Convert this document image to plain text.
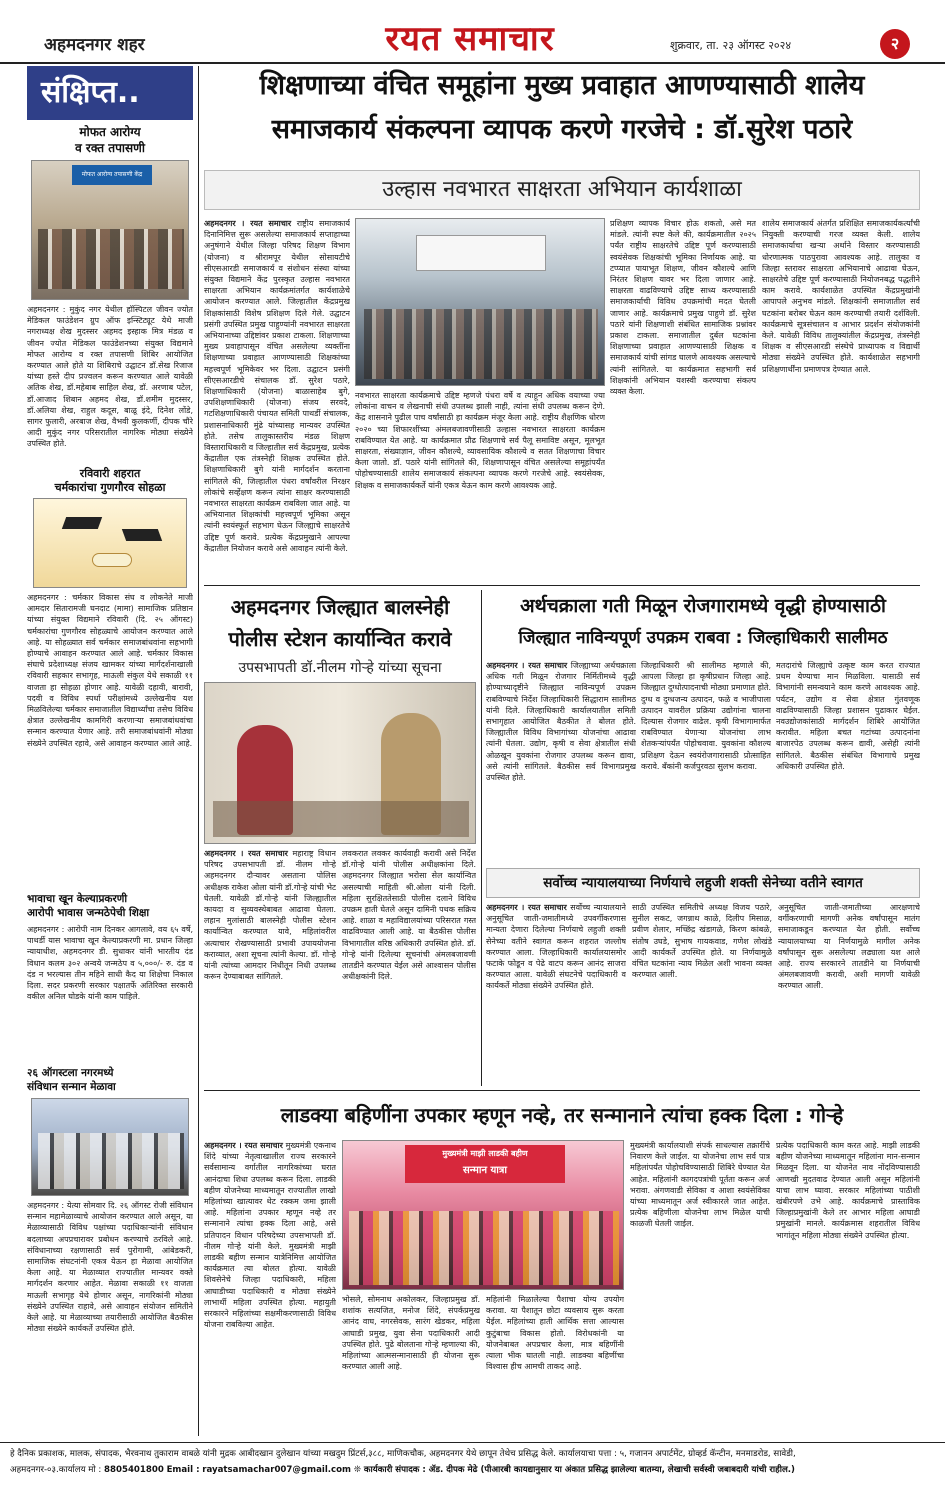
अहमदनगर शहर	रयत समाचार	शुक्रवार, ता. २३ ऑगस्ट २०२४	२
संक्षिप्त..
मोफत आरोग्य
व रक्त तपासणी
मोफत आरोग्य तपासणी केंद्र
अहमदनगर : मुकुंद नगर येथील हॉस्पिटल जीवन ज्योत मेडिकल फाउंडेशन ग्रुप ऑफ इन्स्टिट्यूट येथे माजी नगराध्यक्ष शेख मुदस्सर अहमद इस्हाक मित्र मंडळ व जीवन ज्योत मेडिकल फाउंडेशनच्या संयुक्त विद्यमाने मोफत आरोग्य व रक्त तपासणी शिबिर आयोजित करण्यात आले होते या शिबिराचे उद्घाटन डॉ.सेख रिजाज यांच्या हस्ते दीप प्रज्वलन करून करण्यात आले यावेळी अतिक शेख, डॉ.महेबाब साहिल शेख, डॉ. अरणाब पटेल, डॉ.आजाद शिबान अहमद शेख, डॉ.शमीम मुदस्सर, डॉ.अलिया शेख, राहुल कदूस, बाळू इंदे, दिनेश लोंडे, सागर फुलारी, अरबाज शेख, वैभवी कुलकर्णी, दीपक चौरे आदी मुकुंद नगर परिसरातील नागरिक मोठ्या संख्येने उपस्थित होते.
रविवारी शहरात
चर्मकारांचा गुणगौरव सोहळा
अहमदनगर : चर्मकार विकास संघ व लोकनेते माजी आमदार सितारामजी घनदाट (मामा) सामाजिक प्रतिष्ठान यांच्या संयुक्त विद्यमाने रविवारी (दि. २५ ऑगस्ट) चर्मकारांचा गुणगौरव सोहळ्याचे आयोजन करण्यात आले आहे. या सोहळ्यात सर्व चर्मकार समाजबांधवांना सहभागी होण्याचे आवाहन करण्यात आले आहे. चर्मकार विकास संघाचे प्रदेशाध्यक्ष संजय खामकर यांच्या मार्गदर्शनाखाली रविवारी सहकार सभागृह, माऊली संकुल येथे सकाळी ११ वाजता हा सोहळा होणार आहे. यावेळी दहावी, बारावी, पदवी व विविध स्पर्धा परीक्षांमध्ये उल्लेखनीय यश मिळविलेल्या चर्मकार समाजातील विद्यार्थ्यांचा तसेच विविध क्षेत्रात उल्लेखनीय कामगिरी करणाऱ्या समाजबांधवांचा सन्मान करण्यात येणार आहे. तरी समाजबांधवांनी मोठ्या संख्येने उपस्थित रहावे, असे आवाहन करण्यात आले आहे.
भावाचा खून केल्याप्रकरणी
आरोपी भावास जन्मठेपेची शिक्षा
अहमदनगर : आरोपी नाम दिनकर आगलावे, वय ६५ वर्षे, पाथर्डी यास भावाचा खून केल्याप्रकरणी मा. प्रधान जिल्हा न्यायाधीश, अहमदनगर डी. सुधाकर यांनी भारतीय दंड विधान कलम ३०२ अन्वये जन्मठेप व ५,०००/- रु. दंड व दंड न भरल्यास तीन महिने साधी कैद या शिक्षेचा निकाल दिला. सदर प्रकरणी सरकार पक्षातर्फे अतिरिक्त सरकारी वकील अनिल घोडके यांनी काम पाहिले.
२६ ऑगस्टला नगरमध्ये
संविधान सन्मान मेळावा
अहमदनगर : येत्या सोमवार दि. २६ ऑगस्ट रोजी संविधान सन्मान महामेळाव्याचे आयोजन करण्यात आले असून, या मेळाव्यासाठी विविध पक्षांच्या पदाधिकाऱ्यांनी संविधान बदलाच्या अपप्रचारावर प्रबोधन करण्याचे ठरविले आहे. संविधानाच्या रक्षणासाठी सर्व पुरोगामी, आंबेडकरी, सामाजिक संघटनांनी एकत्र येऊन हा मेळावा आयोजित केला आहे. या मेळाव्यात राज्यातील मान्यवर वक्ते मार्गदर्शन करणार आहेत. मेळावा सकाळी ११ वाजता माऊली सभागृह येथे होणार असून, नागरिकांनी मोठ्या संख्येने उपस्थित राहावे, असे आवाहन संयोजन समितीने केले आहे. या मेळाव्याच्या तयारीसाठी आयोजित बैठकीस मोठ्या संख्येने कार्यकर्ते उपस्थित होते.
शिक्षणाच्या वंचित समूहांना मुख्य प्रवाहात आणण्यासाठी शालेय
समाजकार्य संकल्पना व्यापक करणे गरजेचे : डॉ.सुरेश पठारे
उल्हास नवभारत साक्षरता अभियान कार्यशाळा
अहमदनगर । रयत समाचार राष्ट्रीय समाजकार्य दिनानिमित्त सुरू असलेल्या समाजकार्य सप्ताहाच्या अनुषंगाने येथील जिल्हा परिषद शिक्षण विभाग (योजना) व श्रीरामपूर येथील सोसायटीचे सीएसआरडी समाजकार्य व संशोधन संस्था यांच्या संयुक्त विद्यमाने केंद्र पुरस्कृत उल्हास नवभारत साक्षरता अभियान कार्यक्रमांतर्गत कार्यशाळेचे आयोजन करण्यात आले. जिल्हातील केंद्रप्रमुख शिक्षकांसाठी विशेष प्रशिक्षण दिले गेले. उद्घाटन प्रसंगी उपस्थित प्रमुख पाहुण्यांनी नवभारत साक्षरता अभियानाच्या उद्दिष्टांवर प्रकाश टाकला. शिक्षणाच्या मुख्य प्रवाहापासून वंचित असलेल्या व्यक्तींना शिक्षणाच्या प्रवाहात आणण्यासाठी शिक्षकांच्या महत्त्वपूर्ण भूमिकेवर भर दिला. उद्घाटन प्रसंगी सीएसआरडीचे संचालक डॉ. सुरेश पठारे, शिक्षणाधिकारी (योजना) बाळासाहेब बुगे, उपशिक्षणाधिकारी (योजना) संजय सरवदे, गटशिक्षणाधिकारी पंचायत समिती पाथर्डी संचालक, प्रशासनाधिकारी मुंढे यांच्यासह मान्यवर उपस्थित होते. तसेच तालुकास्तरीय मंडळ शिक्षण विस्ताराधिकारी व जिल्हातील सर्व केंद्रप्रमुख, प्रत्येक केंद्रातील एक तंत्रस्नेही शिक्षक उपस्थित होते. शिक्षणाधिकारी बुगे यांनी मार्गदर्शन करताना सांगितले की, जिल्हातील पंधरा वर्षांवरील निरक्षर लोकांचे सर्व्हेक्षण करून त्यांना साक्षर करण्यासाठी नवभारत साक्षरता कार्यक्रम राबविला जात आहे. या अभियानात शिक्षकांची महत्त्वपूर्ण भूमिका असून त्यांनी स्वयंस्फूर्त सहभाग घेऊन जिल्ह्याचे साक्षरतेचे उद्दिष्ट पूर्ण करावे. प्रत्येक केंद्रप्रमुखाने आपल्या केंद्रातील नियोजन करावे असे आवाहन त्यांनी केले.
नवभारत साक्षरता कार्यक्रमाचे उद्दिष्ट म्हणजे पंधरा वर्षे व त्याहून अधिक वयाच्या ज्या लोकांना वाचन व लेखनाची संधी उपलब्ध झाली नाही, त्यांना संधी उपलब्ध करून देणे. केंद्र शासनाने पुढील पाच वर्षांसाठी हा कार्यक्रम मंजूर केला आहे. राष्ट्रीय शैक्षणिक धोरण २०२० च्या शिफारशींच्या अंमलबजावणीसाठी उल्हास नवभारत साक्षरता कार्यक्रम राबविण्यात येत आहे. या कार्यक्रमात प्रौढ शिक्षणाचे सर्व पैलू समाविष्ट असून, मूलभूत साक्षरता, संख्याज्ञान, जीवन कौशल्ये, व्यावसायिक कौशल्ये व सतत शिक्षणाचा विचार केला जातो. डॉ. पठारे यांनी सांगितले की, शिक्षणापासून वंचित असलेल्या समूहांपर्यंत पोहोचण्यासाठी शालेय समाजकार्य संकल्पना व्यापक करणे गरजेचे आहे. स्वयंसेवक, शिक्षक व समाजकार्यकर्ते यांनी एकत्र येऊन काम करणे आवश्यक आहे.
प्रशिक्षण व्यापक विचार होऊ शकतो, असे मत मांडले. त्यांनी स्पष्ट केले की, कार्यक्रमातील २०२५ पर्यंत राष्ट्रीय साक्षरतेचे उद्दिष्ट पूर्ण करण्यासाठी स्वयंसेवक शिक्षकांची भूमिका निर्णायक आहे. या टप्प्यात पायाभूत शिक्षण, जीवन कौशल्ये आणि निरंतर शिक्षण यावर भर दिला जाणार आहे. साक्षरता वाढविण्याचे उद्दिष्ट साध्य करण्यासाठी समाजकार्याची विविध उपक्रमांची मदत घेतली जाणार आहे. कार्यक्रमाचे प्रमुख पाहुणे डॉ. सुरेश पठारे यांनी शिक्षणाशी संबंधित सामाजिक प्रश्नांवर प्रकाश टाकला. समाजातील दुर्बल घटकांना शिक्षणाच्या प्रवाहात आणण्यासाठी शिक्षक व समाजकार्य यांची सांगड घालणे आवश्यक असल्याचे त्यांनी सांगितले. या कार्यक्रमात सहभागी सर्व शिक्षकांनी अभियान यशस्वी करण्याचा संकल्प व्यक्त केला.
शालेय समाजकार्य अंतर्गत प्रशिक्षित समाजकार्यकर्त्यांची नियुक्ती करण्याची गरज व्यक्त केली. शालेय समाजकार्याचा खऱ्या अर्थाने विस्तार करण्यासाठी धोरणात्मक पाठपुरावा आवश्यक आहे. तालुका व जिल्हा स्तरावर साक्षरता अभियानाचे आढावा घेऊन, साक्षरतेचे उद्दिष्ट पूर्ण करण्यासाठी नियोजनबद्ध पद्धतीने काम करावे. कार्यशाळेत उपस्थित केंद्रप्रमुखांनी आपापले अनुभव मांडले. शिक्षकांनी समाजातील सर्व घटकांना बरोबर घेऊन काम करण्याची तयारी दर्शविली. कार्यक्रमाचे सूत्रसंचालन व आभार प्रदर्शन संयोजकांनी केले. यावेळी विविध तालुक्यांतील केंद्रप्रमुख, तंत्रस्नेही शिक्षक व सीएसआरडी संस्थेचे प्राध्यापक व विद्यार्थी मोठ्या संख्येने उपस्थित होते. कार्यशाळेत सहभागी प्रशिक्षणार्थींना प्रमाणपत्र देण्यात आले.
अहमदनगर जिल्ह्यात बालस्नेही
पोलीस स्टेशन कार्यान्वित करावे
उपसभापती डॉ.नीलम गोऱ्हे यांच्या सूचना
अहमदनगर । रयत समाचार महाराष्ट्र विधान परिषद उपसभापती डॉ. नीलम गोऱ्हे अहमदनगर दौऱ्यावर असताना पोलिस अधीक्षक राकेश ओला यांनी डॉ.गोऱ्हे यांची भेट घेतली. यावेळी डॉ.गोऱ्हे यांनी जिल्ह्यातील कायदा व सुव्यवस्थेबाबत आढावा घेतला. लहान मुलांसाठी बालस्नेही पोलीस स्टेशन कार्यान्वित करण्यात यावे, महिलांवरील अत्याचार रोखण्यासाठी प्रभावी उपाययोजना कराव्यात, अशा सूचना त्यांनी केल्या. डॉ. गोऱ्हे यांनी त्यांच्या आमदार निधीतून निधी उपलब्ध करून देण्याबाबत सांगितले.
लवकरात लवकर कार्यवाही करावी असे निर्देश डॉ.गोऱ्हे यांनी पोलीस अधीक्षकांना दिले. अहमदनगर जिल्ह्यात भरोसा सेल कार्यान्वित असल्याची माहिती श्री.ओला यांनी दिली. महिला सुरक्षिततेसाठी पोलीस दलाने विविध उपक्रम हाती घेतले असून दामिनी पथक सक्रिय आहे. शाळा व महाविद्यालयांच्या परिसरात गस्त वाढविण्यात आली आहे. या बैठकीस पोलीस विभागातील वरिष्ठ अधिकारी उपस्थित होते. डॉ. गोऱ्हे यांनी दिलेल्या सूचनांची अंमलबजावणी तातडीने करण्यात येईल असे आश्वासन पोलीस अधीक्षकांनी दिले.
अर्थचक्राला गती मिळून रोजगारामध्ये वृद्धी होण्यासाठी
जिल्ह्यात नाविन्यपूर्ण उपक्रम राबवा : जिल्हाधिकारी सालीमठ
अहमदनगर । रयत समाचार जिल्ह्याच्या अर्थचक्राला अधिक गती मिळून रोजगार निर्मितीमध्ये वृद्धी होण्याच्यादृष्टीने जिल्ह्यात नाविन्यपूर्ण उपक्रम राबविण्याचे निर्देश जिल्हाधिकारी सिद्धाराम सालीमठ यांनी दिले. जिल्हाधिकारी कार्यालयातील समिती सभागृहात आयोजित बैठकीत ते बोलत होते. जिल्ह्यातील विविध विभागांच्या योजनांचा आढावा त्यांनी घेतला. उद्योग, कृषी व सेवा क्षेत्रातील संधी ओळखून युवकांना रोजगार उपलब्ध करून द्यावा, असे त्यांनी सांगितले. बैठकीस सर्व विभागप्रमुख उपस्थित होते.
जिल्हाधिकारी श्री सालीमठ म्हणाले की, आपला जिल्हा हा कृषीप्रधान जिल्हा आहे. जिल्ह्यात दुग्धोत्पादनाची मोठ्या प्रमाणात होते. दुग्ध व दुग्धजन्य उत्पादन, फळे व भाजीपाला उत्पादन यावरील प्रक्रिया उद्योगांना चालना दिल्यास रोजगार वाढेल. कृषी विभागामार्फत राबविण्यात येणाऱ्या योजनांचा लाभ शेतकऱ्यांपर्यंत पोहोचवावा. युवकांना कौशल्य प्रशिक्षण देऊन स्वयंरोजगारासाठी प्रोत्साहित करावे. बँकांनी कर्जपुरवठा सुलभ करावा.
मतदारांचे जिल्ह्याचे उत्कृष्ट काम करत राज्यात प्रथम येण्याचा मान मिळविला. यासाठी सर्व विभागांनी समन्वयाने काम करणे आवश्यक आहे. पर्यटन, उद्योग व सेवा क्षेत्रात गुंतवणूक वाढविण्यासाठी जिल्हा प्रशासन पुढाकार घेईल. नवउद्योजकांसाठी मार्गदर्शन शिबिरे आयोजित करावीत. महिला बचत गटांच्या उत्पादनांना बाजारपेठ उपलब्ध करून द्यावी, असेही त्यांनी सांगितले. बैठकीस संबंधित विभागाचे प्रमुख अधिकारी उपस्थित होते.
सर्वोच्च न्यायालयाच्या निर्णयाचे लहुजी शक्ती सेनेच्या वतीने स्वागत
अहमदनगर । रयत समाचार सर्वोच्च न्यायालयाने अनुसूचित जाती-जमातीमध्ये उपवर्गीकरणास मान्यता देणारा दिलेल्या निर्णयाचे लहुजी शक्ती सेनेच्या वतीने स्वागत करून शहरात जल्लोष करण्यात आला. जिल्हाधिकारी कार्यालयासमोर फटाके फोडून व पेढे वाटप करून आनंद साजरा करण्यात आला. यावेळी संघटनेचे पदाधिकारी व कार्यकर्ते मोठ्या संख्येने उपस्थित होते.
साठी उपस्थित समितीचे अध्यक्ष विजय पठारे, सुनील सकट, जगन्नाथ काळे, दिलीप मिसाळ, प्रवीण शेलार, मच्छिंद्र खंडागळे, किरण कांबळे, संतोष उघडे, सुभाष गायकवाड, गणेश लोखंडे आदी कार्यकर्ते उपस्थित होते. या निर्णयामुळे वंचित घटकांना न्याय मिळेल अशी भावना व्यक्त करण्यात आली.
अनुसूचित जाती-जमातीच्या आरक्षणाचे वर्गीकरणाची मागणी अनेक वर्षांपासून मातंग समाजाकडून करण्यात येत होती. सर्वोच्च न्यायालयाच्या या निर्णयामुळे मागील अनेक वर्षांपासून सुरू असलेल्या लढ्याला यश आले आहे. राज्य सरकारने तातडीने या निर्णयाची अंमलबजावणी करावी, अशी मागणी यावेळी करण्यात आली.
लाडक्या बहिणींना उपकार म्हणून नव्हे, तर सन्मानाने त्यांचा हक्क दिला : गोऱ्हे
अहमदनगर । रयत समाचार मुख्यमंत्री एकनाथ शिंदे यांच्या नेतृत्वाखालील राज्य सरकारने सर्वसामान्य वर्गातील नागरिकांच्या घरात आनंदाचा शिधा उपलब्ध करून दिला. लाडकी बहीण योजनेच्या माध्यमातून राज्यातील लाखो महिलांच्या खात्यावर थेट रक्कम जमा झाली आहे. महिलांना उपकार म्हणून नव्हे तर सन्मानाने त्यांचा हक्क दिला आहे, असे प्रतिपादन विधान परिषदेच्या उपसभापती डॉ. नीलम गोऱ्हे यांनी केले. मुख्यमंत्री माझी लाडकी बहीण सन्मान यात्रेनिमित्त आयोजित कार्यक्रमात त्या बोलत होत्या. यावेळी शिवसेनेचे जिल्हा पदाधिकारी, महिला आघाडीच्या पदाधिकारी व मोठ्या संख्येने लाभार्थी महिला उपस्थित होत्या. महायुती सरकारने महिलांच्या सक्षमीकरणासाठी विविध योजना राबविल्या आहेत.
मुख्यमंत्री माझी लाडकी बहीण
सन्मान यात्रा
भोसले, सोमनाथ अकोलकर, जिल्हाप्रमुख डॉ. शशांक सत्यजित, मनोज शिंदे, संपर्कप्रमुख आनंद वाघ, नगरसेवक, सारंग खेडकर, महिला आघाडी प्रमुख, युवा सेना पदाधिकारी आदी उपस्थित होते. पुढे बोलताना गोऱ्हे म्हणाल्या की, महिलांच्या आत्मसन्मानासाठी ही योजना सुरू करण्यात आली आहे.
महिलांनी मिळालेल्या पैशाचा योग्य उपयोग करावा. या पैशातून छोटा व्यवसाय सुरू करता येईल. महिलांच्या हाती आर्थिक सत्ता आल्यास कुटुंबाचा विकास होतो. विरोधकांनी या योजनेबाबत अपप्रचार केला, मात्र बहिणींनी त्याला भीक घातली नाही. लाडक्या बहिणींचा विश्वास हीच आमची ताकद आहे.
मुख्यमंत्री कार्यालयाशी संपर्क साधल्यास तक्रारींचे निवारण केले जाईल. या योजनेचा लाभ सर्व पात्र महिलांपर्यंत पोहोचविण्यासाठी शिबिरे घेण्यात येत आहेत. महिलांनी कागदपत्रांची पूर्तता करून अर्ज भरावा. अंगणवाडी सेविका व आशा स्वयंसेविका यांच्या माध्यमातून अर्ज स्वीकारले जात आहेत. प्रत्येक बहिणीला योजनेचा लाभ मिळेल याची काळजी घेतली जाईल.
प्रत्येक पदाधिकारी काम करत आहे. माझी लाडकी बहीण योजनेच्या माध्यमातून महिलांना मान-सन्मान मिळवून दिला. या योजनेत नाव नोंदविण्यासाठी आणखी मुदतवाढ देण्यात आली असून महिलांनी याचा लाभ घ्यावा. सरकार महिलांच्या पाठीशी खंबीरपणे उभे आहे. कार्यक्रमाचे प्रास्ताविक जिल्हाप्रमुखांनी केले तर आभार महिला आघाडी प्रमुखांनी मानले. कार्यक्रमास शहरातील विविध भागांतून महिला मोठ्या संख्येने उपस्थित होत्या.
हे दैनिक प्रकाशक, मालक, संपादक, भैरवनाथ तुकाराम वाबळे यांनी मुद्रक आबीदखान दुलेखान यांच्या मखदुम प्रिंटर्स,३८८, माणिकचौक, अहमदनगर येथे छापून तेथेच प्रसिद्ध केले. कार्यालयाचा पत्ता : ५, गजानन अपार्टमेंट, ग्रोव्हर्ड कॅन्टीन, मनमाडरोड, सावेडी,
अहमदनगर-०३.कार्यालय मो : 8805401800 Email : rayatsamachar007@gmail.com ❊ कार्यकारी संपादक : ॲड. दीपक मेढे (पीआरबी कायद्यानुसार या अंकात प्रसिद्ध झालेल्या बातम्या, लेखाची सर्वस्वी जबाबदारी यांची राहील.)
